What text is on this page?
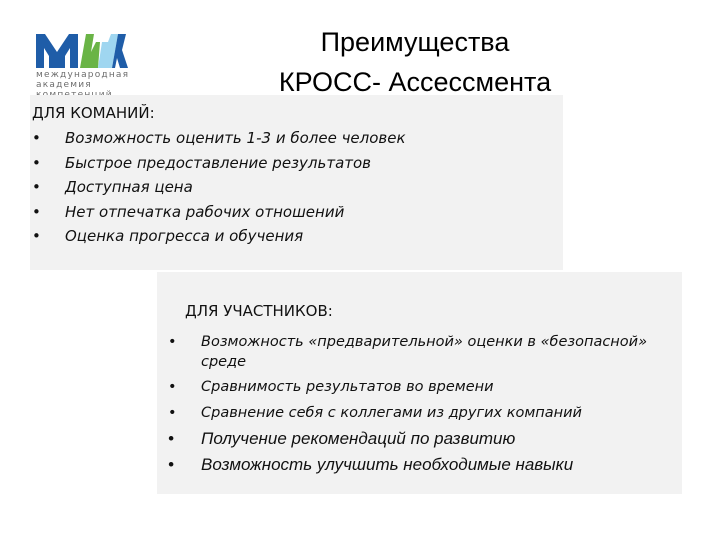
международная
академия
Преимущества
КРОСС- Ассессмента
ДЛЯ КОМАНИЙ:
• Возможность оценить 1-3 и более человек
• Быстрое предоставление результатов
• Доступная цена
• Нет отпечатка рабочих отношений
• Оценка прогресса и обучения
ДЛЯ УЧАСТНИКОВ:
• Возможность «предварительной» оценки в «безопасной»
среде
• Сравнимость результатов во времени
• Сравнение себя с коллегами из других компаний
• Получение рекомендаций по развитию
• Возможность улучшить необходимые навыки
